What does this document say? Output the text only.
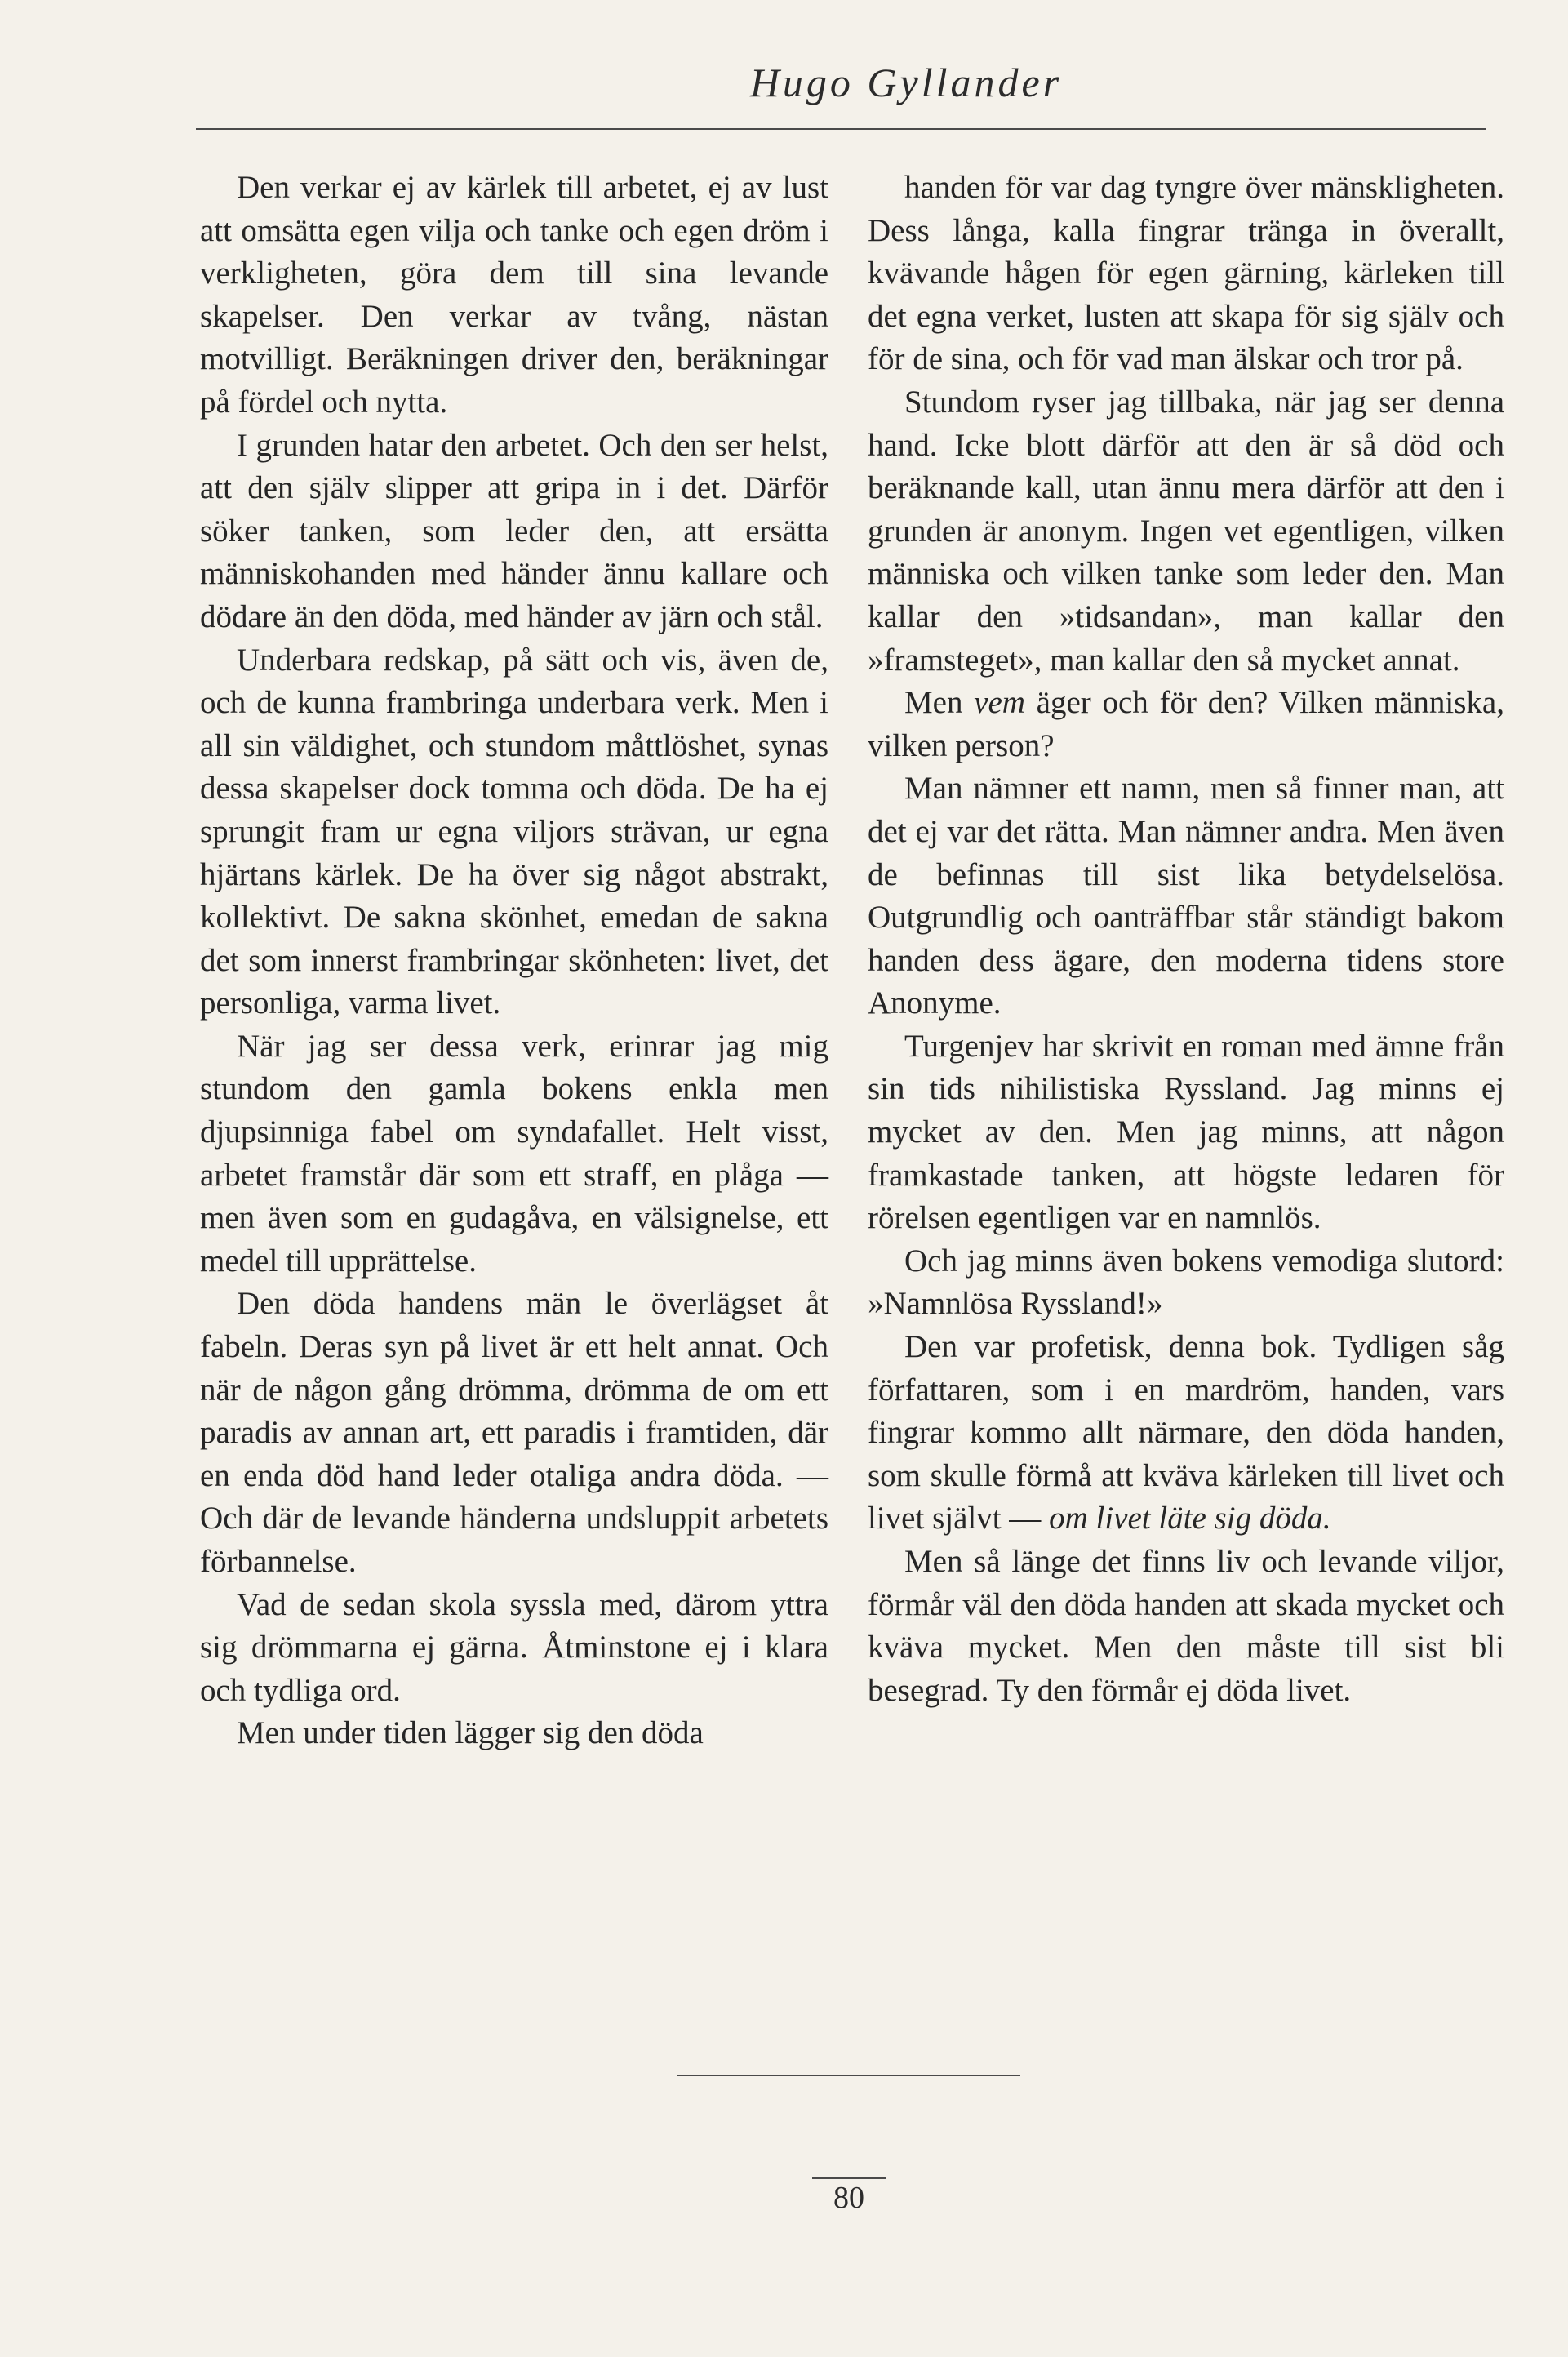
Hugo Gyllander

Den verkar ej av kärlek till arbetet, ej av lust att omsätta egen vilja och tanke och egen dröm i verkligheten, göra dem till sina levande skapelser. Den verkar av tvång, nästan motvilligt. Beräkningen driver den, beräkningar på fördel och nytta.

I grunden hatar den arbetet. Och den ser helst, att den själv slipper att gripa in i det. Därför söker tanken, som leder den, att ersätta människohanden med händer ännu kallare och dödare än den döda, med händer av järn och stål.

Underbara redskap, på sätt och vis, även de, och de kunna frambringa underbara verk. Men i all sin väldighet, och stundom måttlöshet, synas dessa skapelser dock tomma och döda. De ha ej sprungit fram ur egna viljors strävan, ur egna hjärtans kärlek. De ha över sig något abstrakt, kollektivt. De sakna skönhet, emedan de sakna det som innerst frambringar skönheten: livet, det personliga, varma livet.

När jag ser dessa verk, erinrar jag mig stundom den gamla bokens enkla men djupsinniga fabel om syndafallet. Helt visst, arbetet framstår där som ett straff, en plåga — men även som en gudagåva, en välsignelse, ett medel till upprättelse.

Den döda handens män le överlägset åt fabeln. Deras syn på livet är ett helt annat. Och när de någon gång drömma, drömma de om ett paradis av annan art, ett paradis i framtiden, där en enda död hand leder otaliga andra döda. — Och där de levande händerna undsluppit arbetets förbannelse.

Vad de sedan skola syssla med, därom yttra sig drömmarna ej gärna. Åtminstone ej i klara och tydliga ord.

Men under tiden lägger sig den döda

handen för var dag tyngre över mänskligheten. Dess långa, kalla fingrar tränga in överallt, kvävande hågen för egen gärning, kärleken till det egna verket, lusten att skapa för sig själv och för de sina, och för vad man älskar och tror på.

Stundom ryser jag tillbaka, när jag ser denna hand. Icke blott därför att den är så död och beräknande kall, utan ännu mera därför att den i grunden är anonym. Ingen vet egentligen, vilken människa och vilken tanke som leder den. Man kallar den »tidsandan», man kallar den »framsteget», man kallar den så mycket annat.

Men vem äger och för den? Vilken människa, vilken person?

Man nämner ett namn, men så finner man, att det ej var det rätta. Man nämner andra. Men även de befinnas till sist lika betydelselösa. Outgrundlig och oanträffbar står ständigt bakom handen dess ägare, den moderna tidens store Anonyme.

Turgenjev har skrivit en roman med ämne från sin tids nihilistiska Ryssland. Jag minns ej mycket av den. Men jag minns, att någon framkastade tanken, att högste ledaren för rörelsen egentligen var en namnlös.

Och jag minns även bokens vemodiga slutord: »Namnlösa Ryssland!»

Den var profetisk, denna bok. Tydligen såg författaren, som i en mardröm, handen, vars fingrar kommo allt närmare, den döda handen, som skulle förmå att kväva kärleken till livet och livet självt — om livet läte sig döda.

Men så länge det finns liv och levande viljor, förmår väl den döda handen att skada mycket och kväva mycket. Men den måste till sist bli besegrad. Ty den förmår ej döda livet.

80
